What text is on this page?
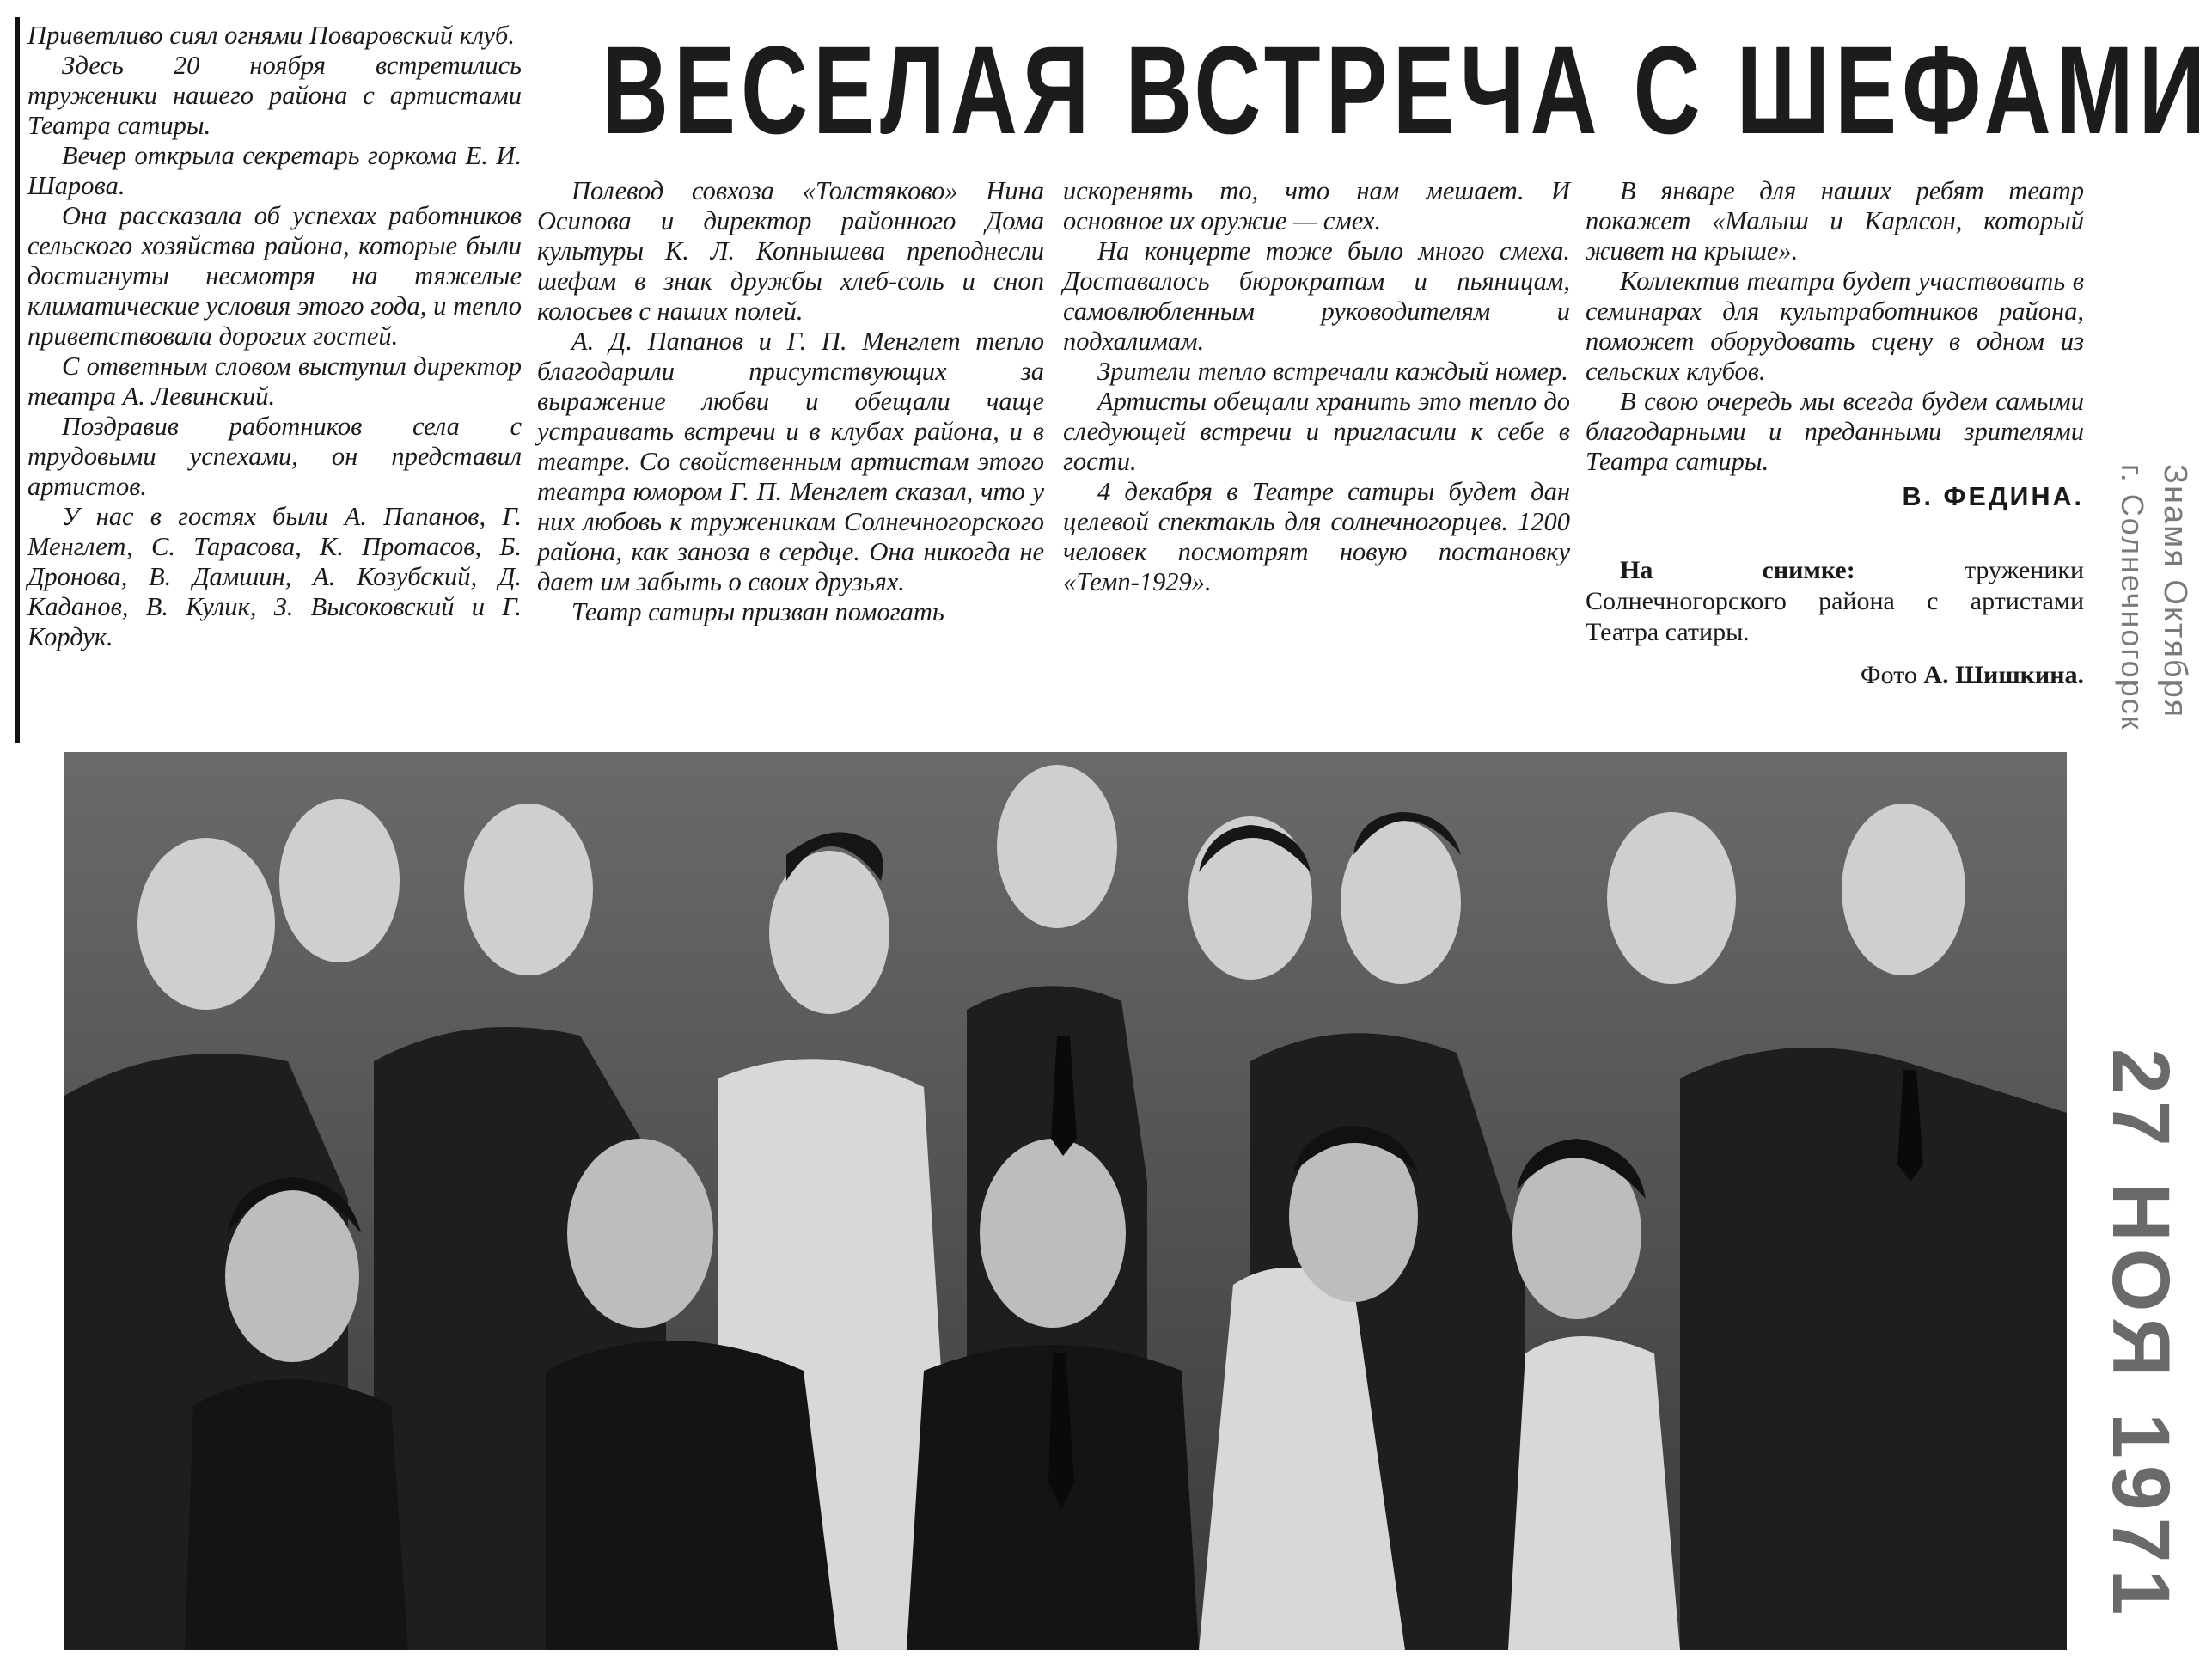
ВЕСЕЛАЯ ВСТРЕЧА С ШЕФАМИ

Приветливо сиял огнями Поваровский клуб.

Здесь 20 ноября встретились труженики нашего района с артистами Театра сатиры.

Вечер открыла секретарь горкома Е. И. Шарова.

Она рассказала об успехах работников сельского хозяйства района, которые были достигнуты несмотря на тяжелые климатические условия этого года, и тепло приветствовала дорогих гостей.

С ответным словом выступил директор театра А. Левинский.

Поздравив работников села с трудовыми успехами, он представил артистов.

У нас в гостях были А. Папанов, Г. Менглет, С. Тарасова, К. Протасов, Б. Дронова, В. Дамшин, А. Козубский, Д. Каданов, В. Кулик, З. Высоковский и Г. Кордук.

Полевод совхоза «Толстяково» Нина Осипова и директор районного Дома культуры К. Л. Копнышева преподнесли шефам в знак дружбы хлеб-соль и сноп колосьев с наших полей.

А. Д. Папанов и Г. П. Менглет тепло благодарили присутствующих за выражение любви и обещали чаще устраивать встречи и в клубах района, и в театре. Со свойственным артистам этого театра юмором Г. П. Менглет сказал, что у них любовь к труженикам Солнечногорского района, как заноза в сердце. Она никогда не дает им забыть о своих друзьях.

Театр сатиры призван помогать

искоренять то, что нам мешает. И основное их оружие — смех.

На концерте тоже было много смеха. Доставалось бюрократам и пьяницам, самовлюбленным руководителям и подхалимам.

Зрители тепло встречали каждый номер.

Артисты обещали хранить это тепло до следующей встречи и пригласили к себе в гости.

4 декабря в Театре сатиры будет дан целевой спектакль для солнечногорцев. 1200 человек посмотрят новую постановку «Темп-1929».

В январе для наших ребят театр покажет «Малыш и Карлсон, который живет на крыше».

Коллектив театра будет участвовать в семинарах для культработников района, поможет оборудовать сцену в одном из сельских клубов.

В свою очередь мы всегда будем самыми благодарными и преданными зрителями Театра сатиры.

В. ФЕДИНА.

На снимке:	труженики Солнечногорского района с артистами Театра сатиры.

Фото А. Шишкина. Знамя Октября
г. Солнечногорск
27 НОЯ 1971
